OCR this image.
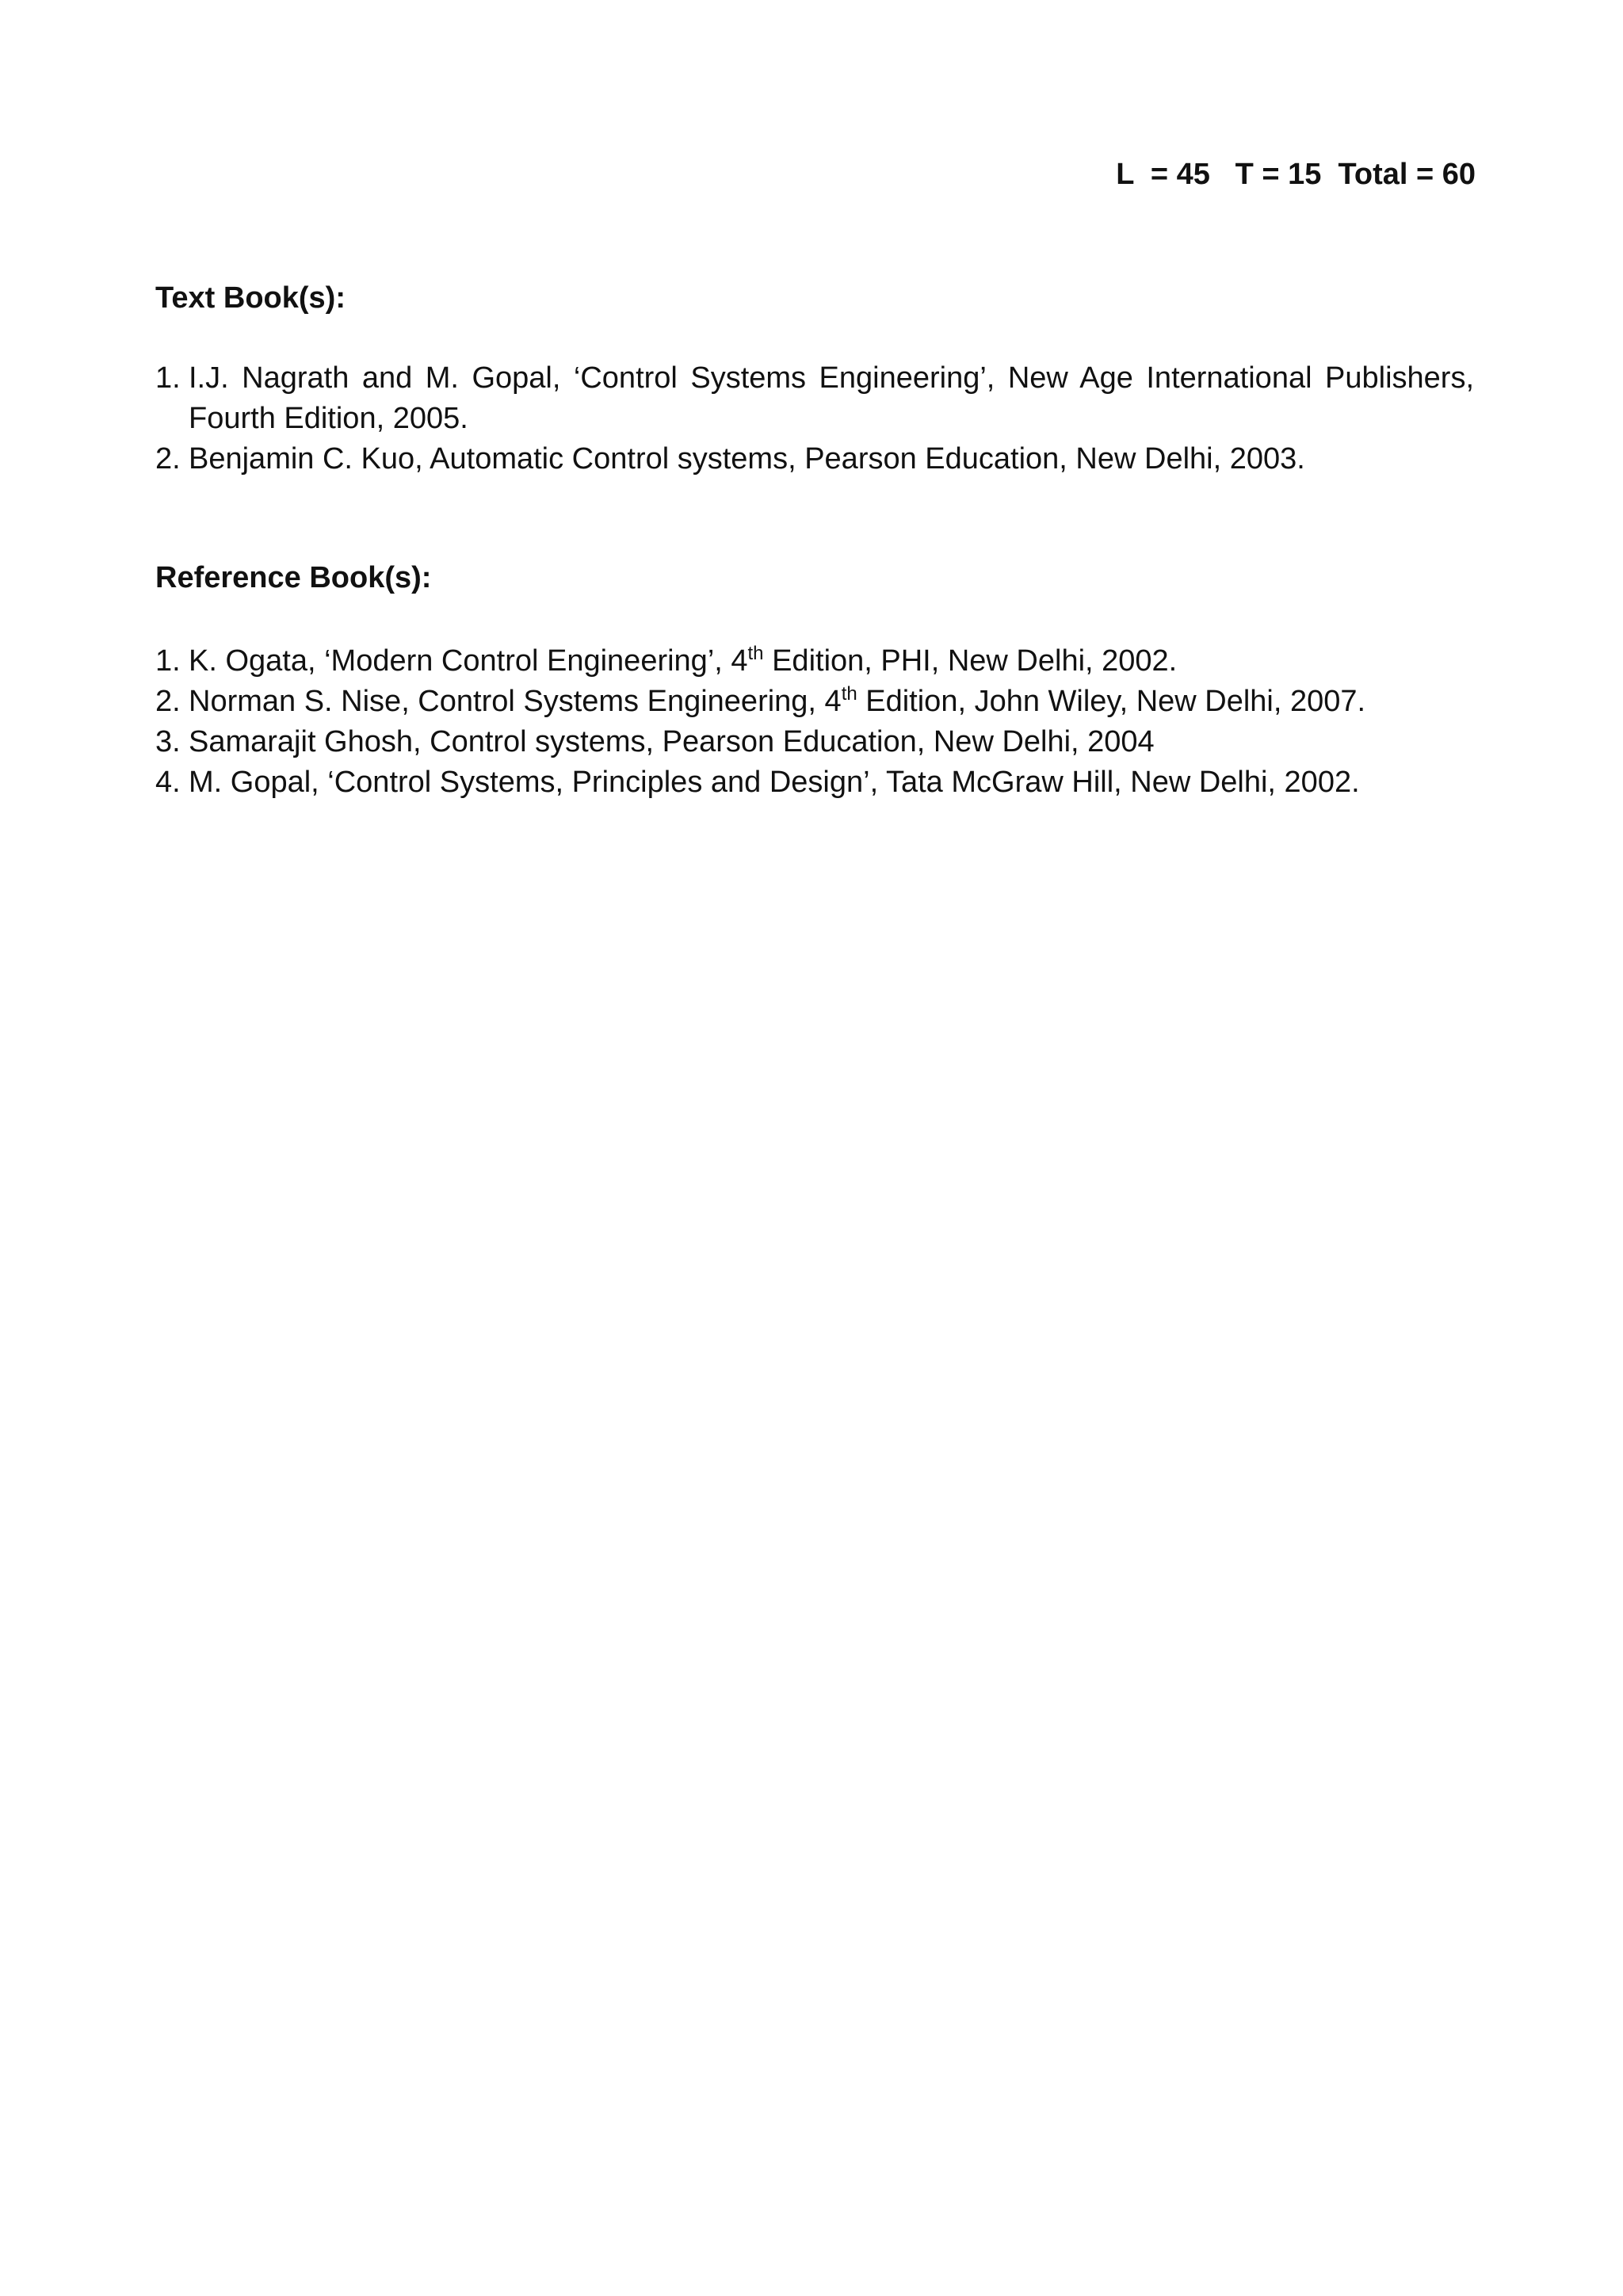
L  = 45   T = 15  Total = 60
Text Book(s):
1. I.J. Nagrath and M. Gopal, ‘Control Systems Engineering’, New Age International Publishers, Fourth Edition, 2005.
2. Benjamin C. Kuo, Automatic Control systems, Pearson Education, New Delhi, 2003.
Reference Book(s):
1. K. Ogata, ‘Modern Control Engineering’, 4th Edition, PHI, New Delhi, 2002.
2. Norman S. Nise, Control Systems Engineering, 4th Edition, John Wiley, New Delhi, 2007.
3. Samarajit Ghosh, Control systems, Pearson Education, New Delhi, 2004
4. M. Gopal, ‘Control Systems, Principles and Design’, Tata McGraw Hill, New Delhi, 2002.
